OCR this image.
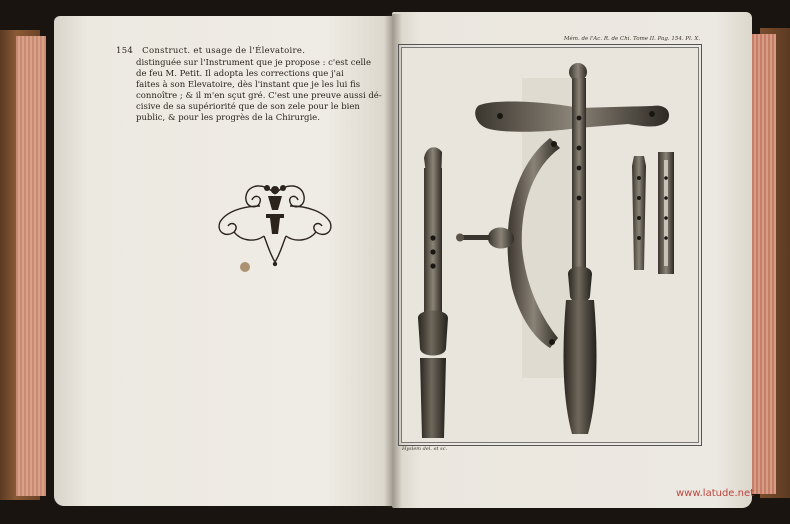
154 Construct. et usage de l'Élevatoire.
distinguée sur l'Instrument que je propose : c'est celle
de feu M. Petit. Il adopta les corrections que j'ai
faites à son Elevatoire, dès l'instant que je les lui fis
connoître ; & il m'en sçut gré. C'est une preuve aussi dé-
cisive de sa supériorité que de son zele pour le bien
public, & pour les progrès de la Chirurgie.
Mém. de l'Ac. R. de Chi. Tome II. Pag. 154. Pl. X.
Hyslem del. et sc.
www.latude.net
